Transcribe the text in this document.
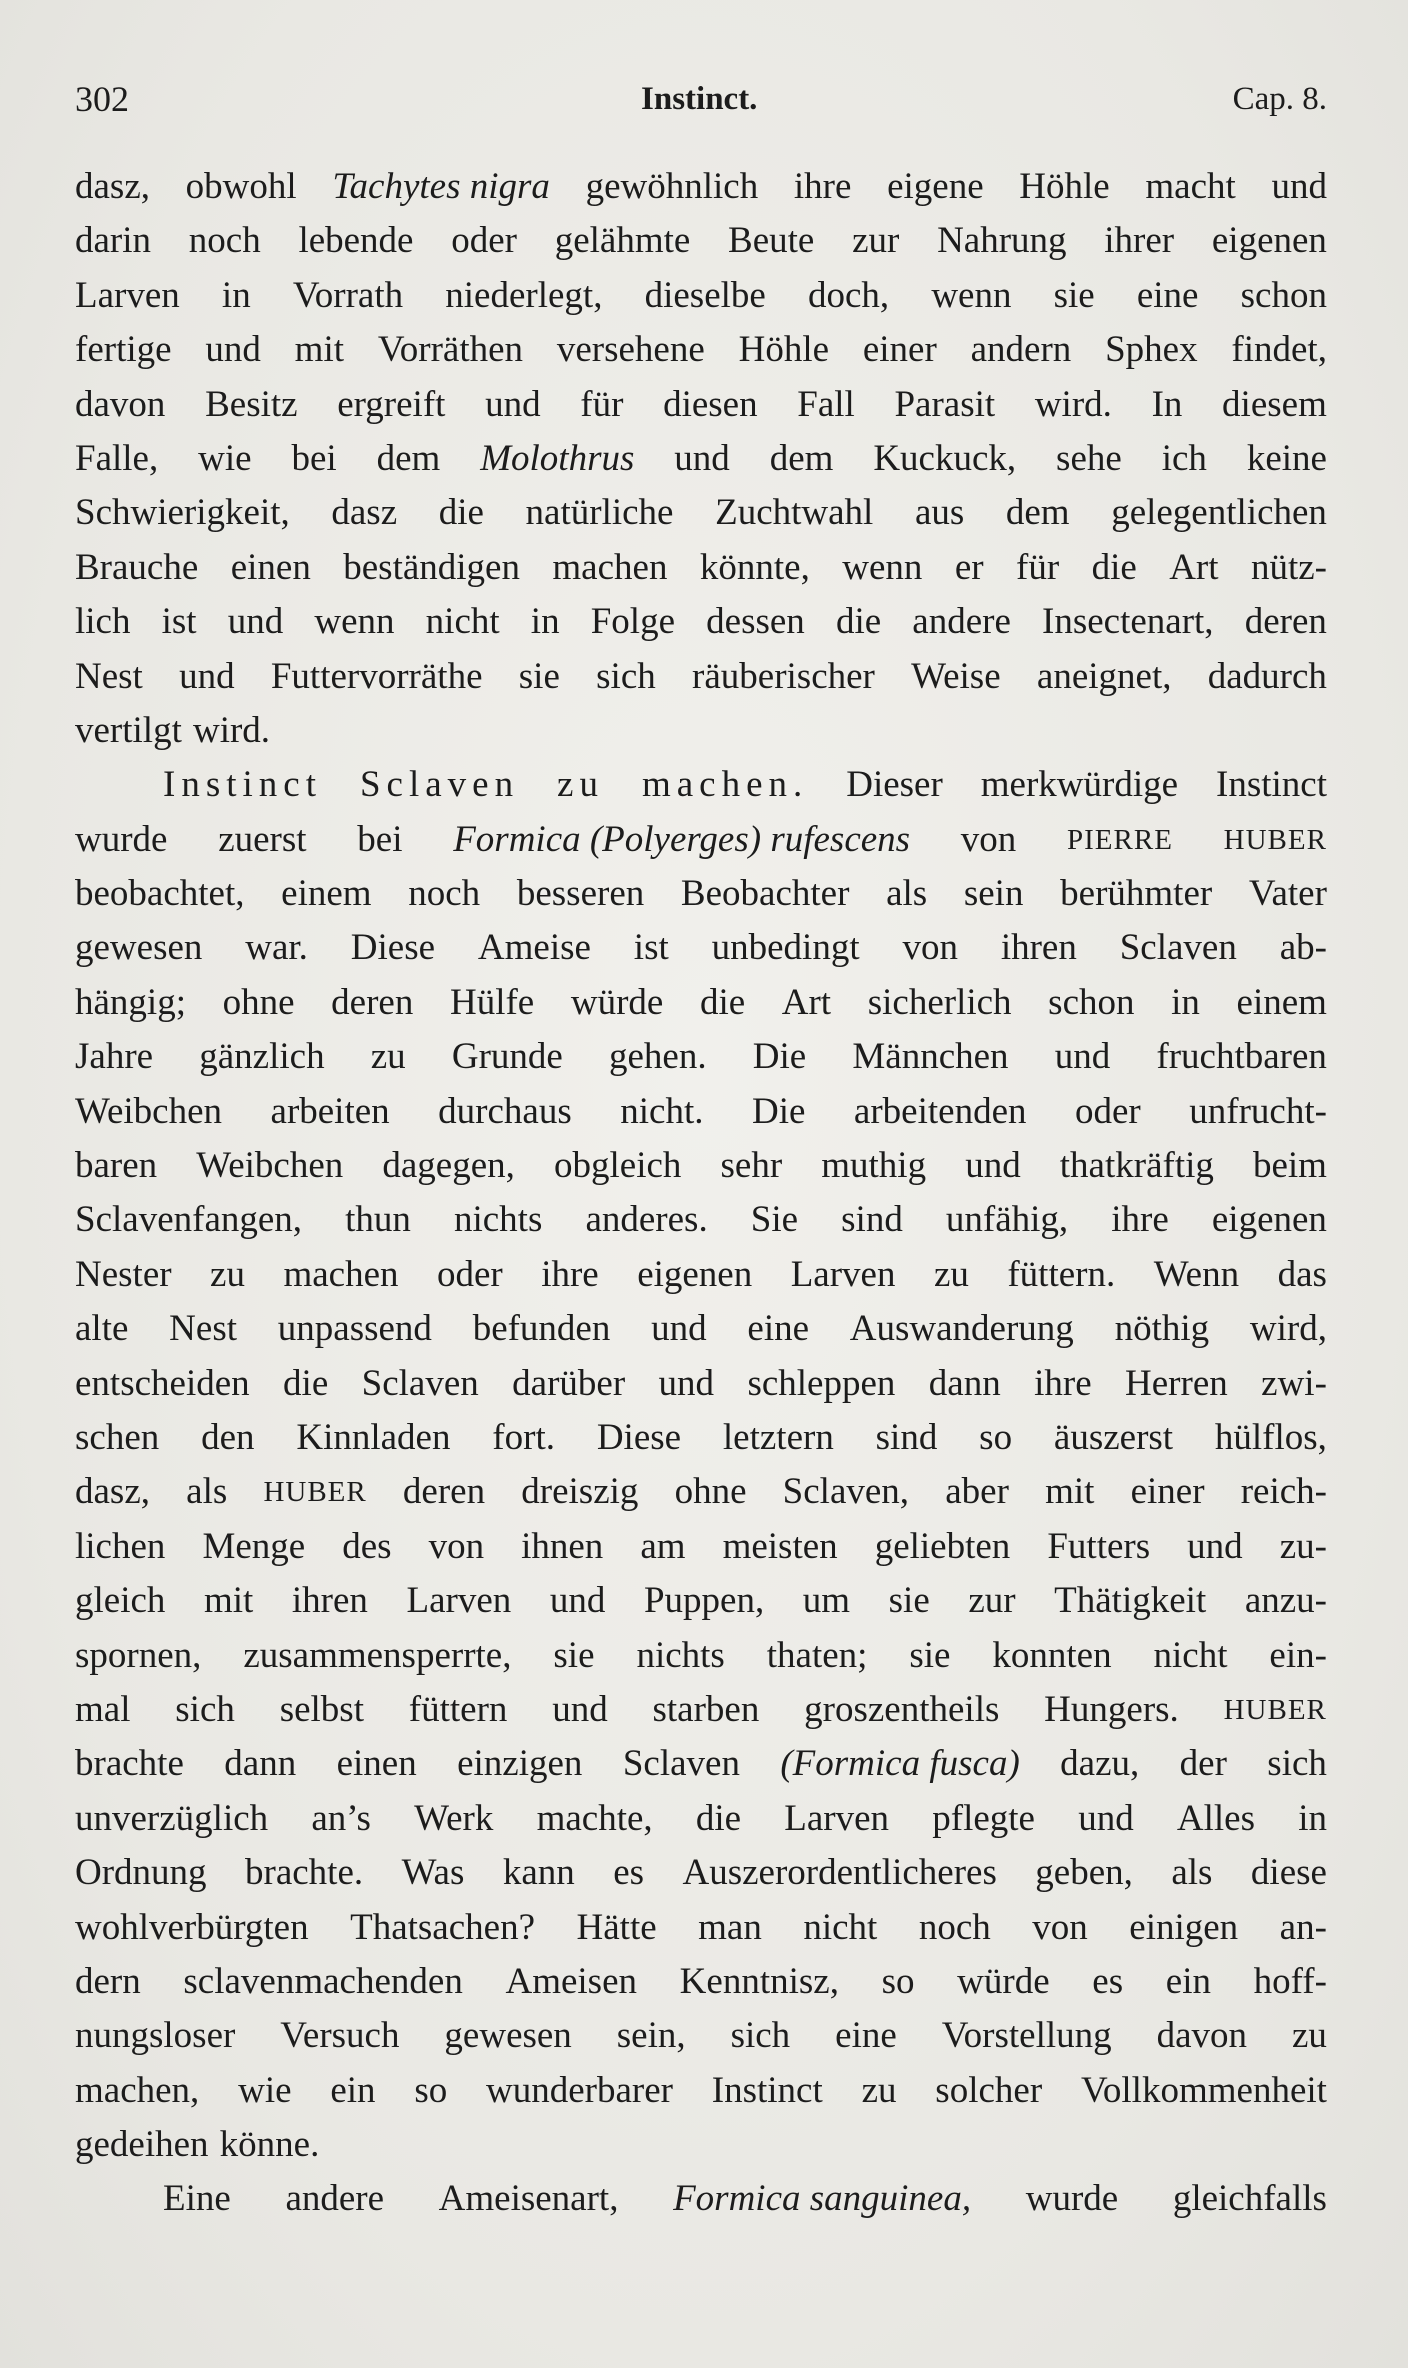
302	Instinct.	Cap. 8.
dasz, obwohl Tachytes nigra gewöhnlich ihre eigene Höhle macht und
darin noch lebende oder gelähmte Beute zur Nahrung ihrer eigenen
Larven in Vorrath niederlegt, dieselbe doch, wenn sie eine schon
fertige und mit Vorräthen versehene Höhle einer andern Sphex findet,
davon Besitz ergreift und für diesen Fall Parasit wird. In diesem
Falle, wie bei dem Molothrus und dem Kuckuck, sehe ich keine
Schwierigkeit, dasz die natürliche Zuchtwahl aus dem gelegentlichen
Brauche einen beständigen machen könnte, wenn er für die Art nütz-
lich ist und wenn nicht in Folge dessen die andere Insectenart, deren
Nest und Futtervorräthe sie sich räuberischer Weise aneignet, dadurch
vertilgt wird.
Instinct Sclaven zu machen. Dieser merkwürdige Instinct
wurde zuerst bei Formica (Polyerges) rufescens von PIERRE HUBER
beobachtet, einem noch besseren Beobachter als sein berühmter Vater
gewesen war. Diese Ameise ist unbedingt von ihren Sclaven ab-
hängig; ohne deren Hülfe würde die Art sicherlich schon in einem
Jahre gänzlich zu Grunde gehen. Die Männchen und fruchtbaren
Weibchen arbeiten durchaus nicht. Die arbeitenden oder unfrucht-
baren Weibchen dagegen, obgleich sehr muthig und thatkräftig beim
Sclavenfangen, thun nichts anderes. Sie sind unfähig, ihre eigenen
Nester zu machen oder ihre eigenen Larven zu füttern. Wenn das
alte Nest unpassend befunden und eine Auswanderung nöthig wird,
entscheiden die Sclaven darüber und schleppen dann ihre Herren zwi-
schen den Kinnladen fort. Diese letztern sind so äuszerst hülflos,
dasz, als HUBER deren dreiszig ohne Sclaven, aber mit einer reich-
lichen Menge des von ihnen am meisten geliebten Futters und zu-
gleich mit ihren Larven und Puppen, um sie zur Thätigkeit anzu-
spornen, zusammensperrte, sie nichts thaten; sie konnten nicht ein-
mal sich selbst füttern und starben groszentheils Hungers. HUBER
brachte dann einen einzigen Sclaven (Formica fusca) dazu, der sich
unverzüglich an’s Werk machte, die Larven pflegte und Alles in
Ordnung brachte. Was kann es Auszerordentlicheres geben, als diese
wohlverbürgten Thatsachen? Hätte man nicht noch von einigen an-
dern sclavenmachenden Ameisen Kenntnisz, so würde es ein hoff-
nungsloser Versuch gewesen sein, sich eine Vorstellung davon zu
machen, wie ein so wunderbarer Instinct zu solcher Vollkommenheit
gedeihen könne.
Eine andere Ameisenart, Formica sanguinea, wurde gleichfalls
